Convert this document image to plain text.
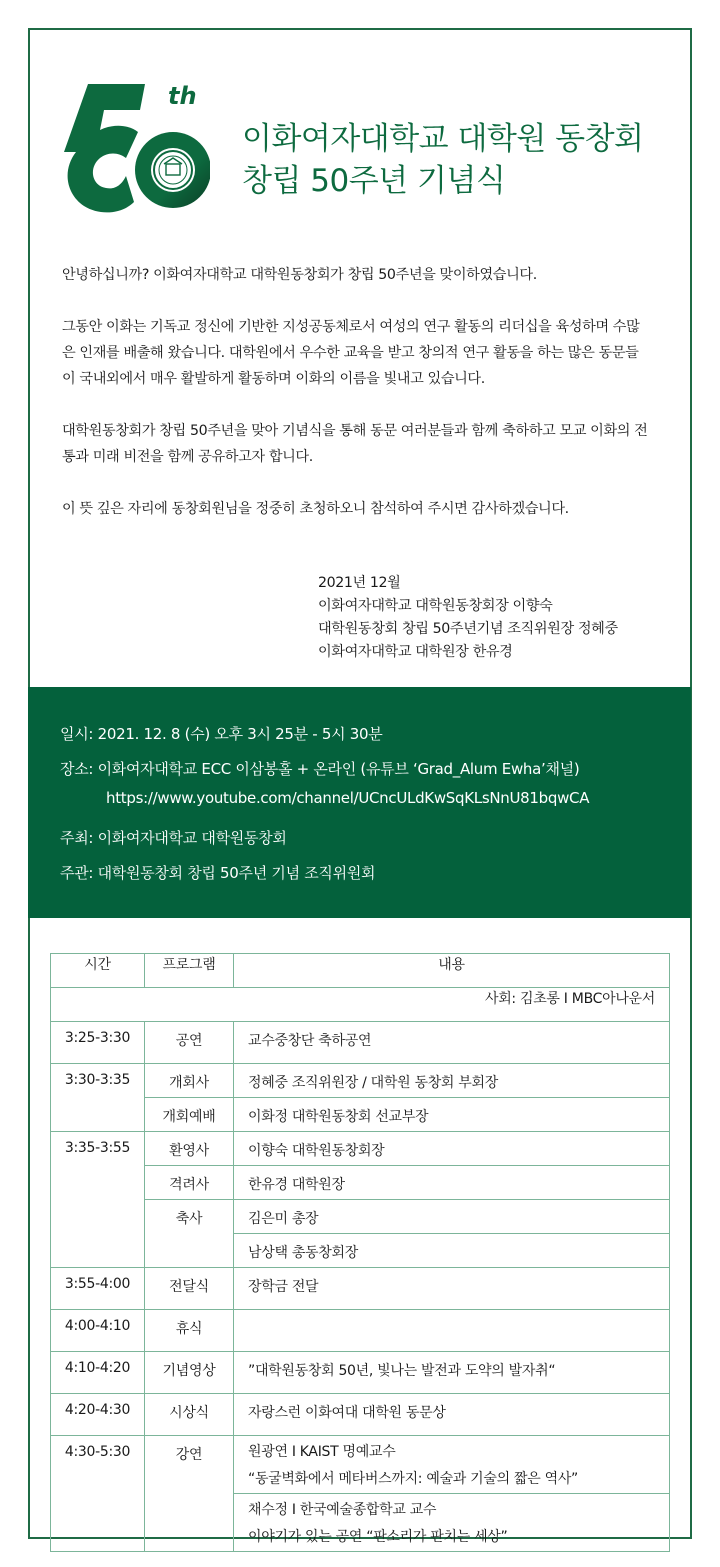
th
이화여자대학교 대학원 동창회
창립 50주년 기념식

안녕하십니까? 이화여자대학교 대학원동창회가 창립 50주년을 맞이하였습니다.

그동안 이화는 기독교 정신에 기반한 지성공동체로서 여성의 연구 활동의 리더십을 육성하며 수많은 인재를 배출해 왔습니다. 대학원에서 우수한 교육을 받고 창의적 연구 활동을 하는 많은 동문들이 국내외에서 매우 활발하게 활동하며 이화의 이름을 빛내고 있습니다.

대학원동창회가 창립 50주년을 맞아 기념식을 통해 동문 여러분들과 함께 축하하고 모교 이화의 전통과 미래 비전을 함께 공유하고자 합니다.

이 뜻 깊은 자리에 동창회원님을 정중히 초청하오니 참석하여 주시면 감사하겠습니다.

2021년 12월
이화여자대학교 대학원동창회장 이향숙
대학원동창회 창립 50주년기념 조직위원장 정혜중
이화여자대학교 대학원장 한유경
일시: 2021. 12. 8 (수) 오후 3시 25분 - 5시 30분
장소: 이화여자대학교 ECC 이삼봉홀 + 온라인 (유튜브 ‘Grad_Alum Ewha’채널)
https://www.youtube.com/channel/UCncULdKwSqKLsNnU81bqwCA
주최: 이화여자대학교 대학원동창회
주관: 대학원동창회 창립 50주년 기념 조직위원회
시간	프로그램	내용
사회: 김초롱 I MBC아나운서		
3:25-3:30	공연	교수중창단 축하공연

3:30-3:35	개회사	정혜중 조직위원장 / 대학원 동창회 부회장

	개회예배	이화정 대학원동창회 선교부장

3:35-3:55	환영사	이향숙 대학원동창회장

	격려사	한유경 대학원장

	축사	김은미 총장

		남상택 총동창회장

3:55-4:00	전달식	장학금 전달

4:00-4:10	휴식	

4:10-4:20	기념영상	”대학원동창회 50년, 빛나는 발전과 도약의 발자취“

4:20-4:30	시상식	자랑스런 이화여대 대학원 동문상

4:30-5:30	강연	원광연 I KAIST 명예교수
“동굴벽화에서 메타버스까지: 예술과 기술의 짧은 역사”

		채수정 I 한국예술종합학교 교수
이야기가 있는 공연 “판소리가 판치는 세상”
